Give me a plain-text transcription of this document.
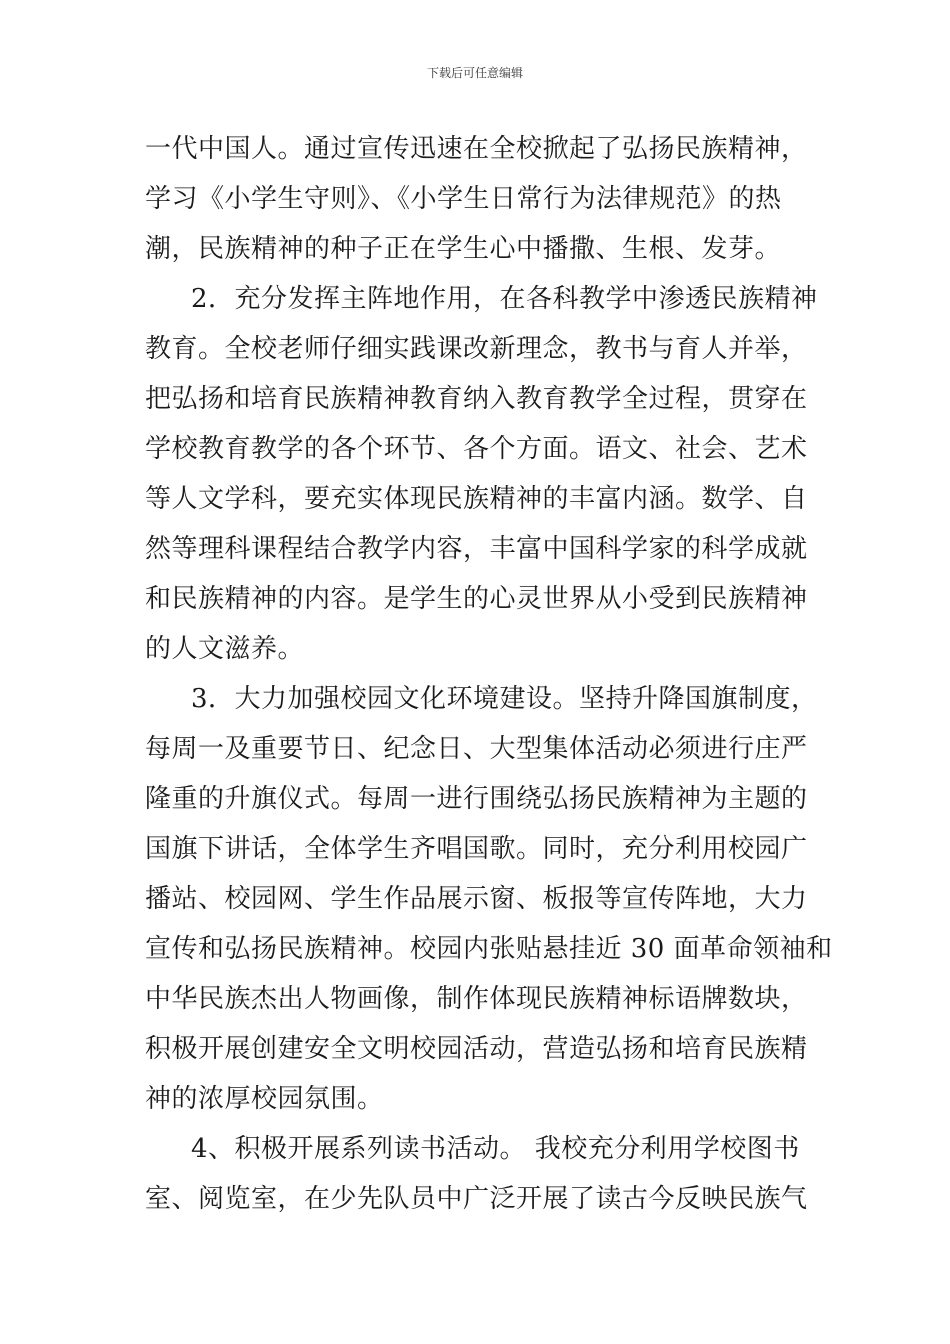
下载后可任意编辑
一代中国人。通过宣传迅速在全校掀起了弘扬民族精神，
学习《小学生守则》、《小学生日常行为法律规范》的热
潮，民族精神的种子正在学生心中播撒、生根、发芽。
2．充分发挥主阵地作用，在各科教学中渗透民族精神
教育。全校老师仔细实践课改新理念，教书与育人并举，
把弘扬和培育民族精神教育纳入教育教学全过程，贯穿在
学校教育教学的各个环节、各个方面。语文、社会、艺术
等人文学科，要充实体现民族精神的丰富内涵。数学、自
然等理科课程结合教学内容，丰富中国科学家的科学成就
和民族精神的内容。是学生的心灵世界从小受到民族精神
的人文滋养。
3．大力加强校园文化环境建设。坚持升降国旗制度，
每周一及重要节日、纪念日、大型集体活动必须进行庄严
隆重的升旗仪式。每周一进行围绕弘扬民族精神为主题的
国旗下讲话，全体学生齐唱国歌。同时，充分利用校园广
播站、校园网、学生作品展示窗、板报等宣传阵地，大力
宣传和弘扬民族精神。校园内张贴悬挂近 30 面革命领袖和
中华民族杰出人物画像，制作体现民族精神标语牌数块，
积极开展创建安全文明校园活动，营造弘扬和培育民族精
神的浓厚校园氛围。
4、积极开展系列读书活动。 我校充分利用学校图书
室、阅览室，在少先队员中广泛开展了读古今反映民族气
